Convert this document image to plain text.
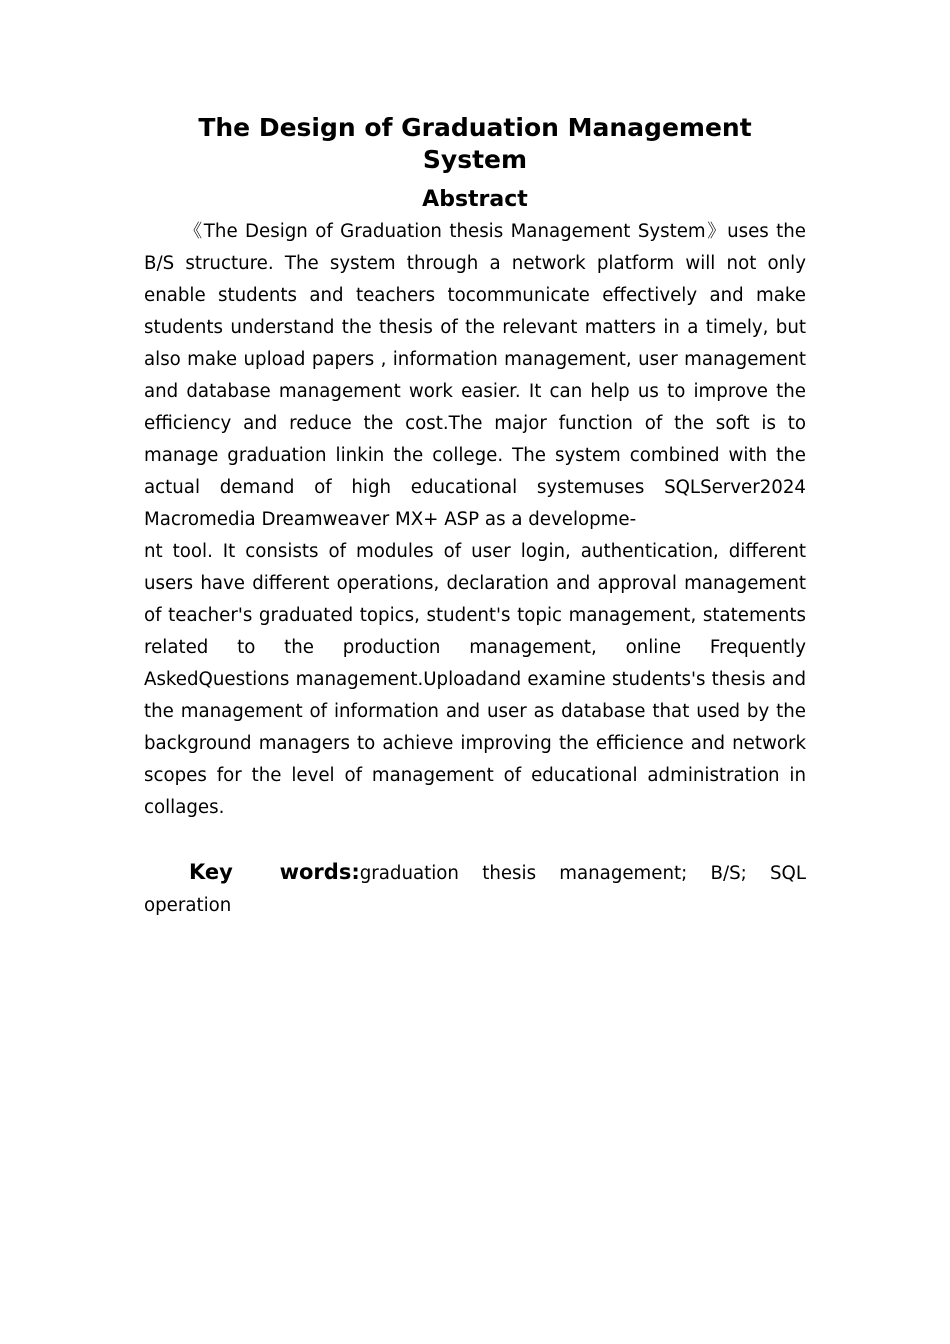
The Design of Graduation Management System
Abstract

《The Design of Graduation thesis Management System》uses the B/S structure. The system through a network platform will not only enable students and teachers tocommunicate effectively and make students understand the thesis of the relevant matters in a timely, but also make upload papers , information management, user management and database management work easier. It can help us to improve the efficiency and reduce the cost.The major function of the soft is to manage graduation linkin the college. The system combined with the actual demand of high educational systemuses SQLServer2024 Macromedia Dreamweaver MX+ ASP as a developme-

nt tool. It consists of modules of user login, authentication, different users have different operations, declaration and approval management of teacher's graduated topics, student's topic management, statements related to the production management, online Frequently AskedQuestions management.Uploadand examine students's thesis and the management of information and user as database that used by the background managers to achieve improving the efficience and network scopes for the level of management of educational administration in collages.

Key words:graduation thesis management; B/S; SQL operation
